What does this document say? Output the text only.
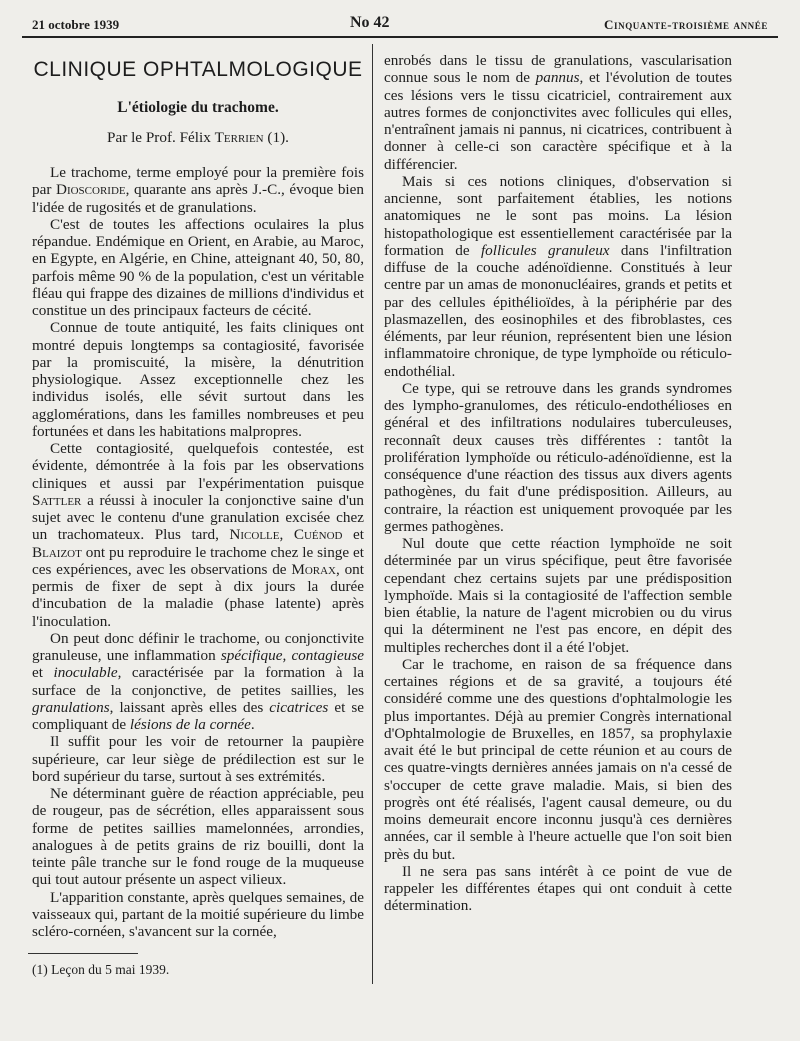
21 octobre 1939	No 42	Cinquante-troisième année
CLINIQUE OPHTALMOLOGIQUE
L'étiologie du trachome.

Par le Prof. Félix Terrien (1).

Le trachome, terme employé pour la première fois par Dioscoride, quarante ans après J.-C., évoque bien l'idée de rugosités et de granulations.

C'est de toutes les affections oculaires la plus répandue. Endémique en Orient, en Arabie, au Maroc, en Egypte, en Algérie, en Chine, atteignant 40, 50, 80, parfois même 90 % de la population, c'est un véritable fléau qui frappe des dizaines de millions d'individus et constitue un des principaux facteurs de cécité.

Connue de toute antiquité, les faits cliniques ont montré depuis longtemps sa contagiosité, favorisée par la promiscuité, la misère, la dénutrition physiologique. Assez exceptionnelle chez les individus isolés, elle sévit surtout dans les agglomérations, dans les familles nombreuses et peu fortunées et dans les habitations malpropres.

Cette contagiosité, quelquefois contestée, est évidente, démontrée à la fois par les observations cliniques et aussi par l'expérimentation puisque Sattler a réussi à inoculer la conjonctive saine d'un sujet avec le contenu d'une granulation excisée chez un trachomateux. Plus tard, Nicolle, Cuénod et Blaizot ont pu reproduire le trachome chez le singe et ces expériences, avec les observations de Morax, ont permis de fixer de sept à dix jours la durée d'incubation de la maladie (phase latente) après l'inoculation.

On peut donc définir le trachome, ou conjonctivite granuleuse, une inflammation spécifique, contagieuse et inoculable, caractérisée par la formation à la surface de la conjonctive, de petites saillies, les granulations, laissant après elles des cicatrices et se compliquant de lésions de la cornée.

Il suffit pour les voir de retourner la paupière supérieure, car leur siège de prédilection est sur le bord supérieur du tarse, surtout à ses extrémités.

Ne déterminant guère de réaction appréciable, peu de rougeur, pas de sécrétion, elles apparaissent sous forme de petites saillies mamelonnées, arrondies, analogues à de petits grains de riz bouilli, dont la teinte pâle tranche sur le fond rouge de la muqueuse qui tout autour présente un aspect vilieux.

L'apparition constante, après quelques semaines, de vaisseaux qui, partant de la moitié supérieure du limbe scléro-cornéen, s'avancent sur la cornée,

enrobés dans le tissu de granulations, vascularisation connue sous le nom de pannus, et l'évolution de toutes ces lésions vers le tissu cicatriciel, contrairement aux autres formes de conjonctivites avec follicules qui elles, n'entraînent jamais ni pannus, ni cicatrices, contribuent à donner à celle-ci son caractère spécifique et à la différencier.

Mais si ces notions cliniques, d'observation si ancienne, sont parfaitement établies, les notions anatomiques ne le sont pas moins. La lésion histopathologique est essentiellement caractérisée par la formation de follicules granuleux dans l'infiltration diffuse de la couche adénoïdienne. Constitués à leur centre par un amas de mononucléaires, grands et petits et par des cellules épithélioïdes, à la périphérie par des plasmazellen, des eosinophiles et des fibroblastes, ces éléments, par leur réunion, représentent bien une lésion inflammatoire chronique, de type lymphoïde ou réticulo-endothélial.

Ce type, qui se retrouve dans les grands syndromes des lympho-granulomes, des réticulo-endothélioses en général et des infiltrations nodulaires tuberculeuses, reconnaît deux causes très différentes : tantôt la prolifération lymphoïde ou réticulo-adénoïdienne, est la conséquence d'une réaction des tissus aux divers agents pathogènes, du fait d'une prédisposition. Ailleurs, au contraire, la réaction est uniquement provoquée par les germes pathogènes.

Nul doute que cette réaction lymphoïde ne soit déterminée par un virus spécifique, peut être favorisée cependant chez certains sujets par une prédisposition lymphoïde. Mais si la contagiosité de l'affection semble bien établie, la nature de l'agent microbien ou du virus qui la déterminent ne l'est pas encore, en dépit des multiples recherches dont il a été l'objet.

Car le trachome, en raison de sa fréquence dans certaines régions et de sa gravité, a toujours été considéré comme une des questions d'ophtalmologie les plus importantes. Déjà au premier Congrès international d'Ophtalmologie de Bruxelles, en 1857, sa prophylaxie avait été le but principal de cette réunion et au cours de ces quatre-vingts dernières années jamais on n'a cessé de s'occuper de cette grave maladie. Mais, si bien des progrès ont été réalisés, l'agent causal demeure, ou du moins demeurait encore inconnu jusqu'à ces dernières années, car il semble à l'heure actuelle que l'on soit bien près du but.

Il ne sera pas sans intérêt à ce point de vue de rappeler les différentes étapes qui ont conduit à cette détermination.

(1) Leçon du 5 mai 1939.
